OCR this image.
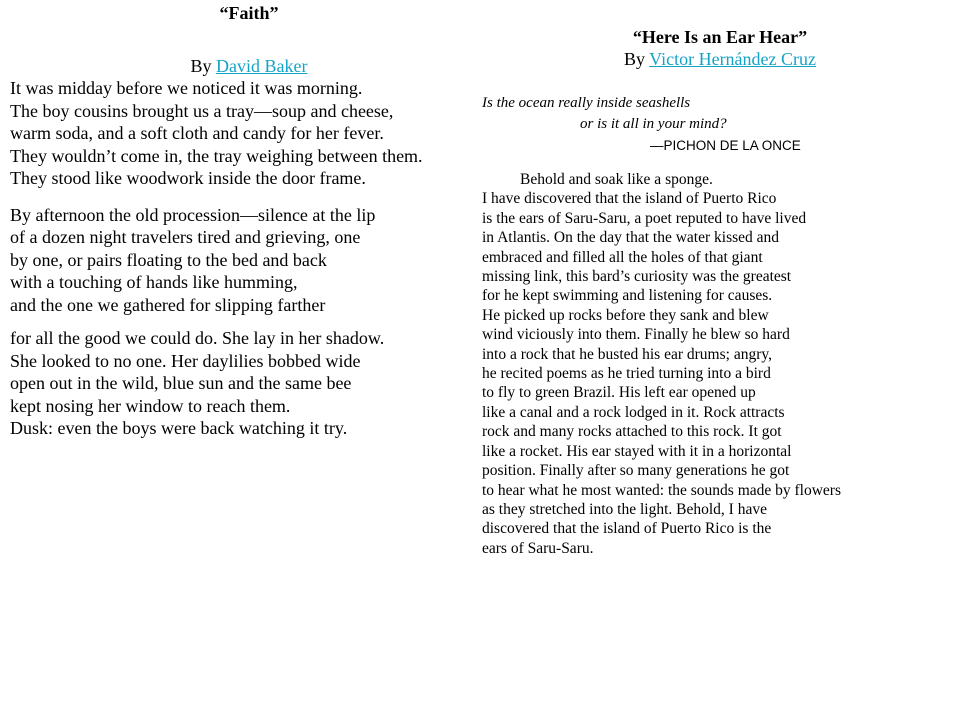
“Faith”
By David Baker
It was midday before we noticed it was morning.
The boy cousins brought us a tray—soup and cheese,
warm soda, and a soft cloth and candy for her fever.
They wouldn’t come in, the tray weighing between them.
They stood like woodwork inside the door frame.
By afternoon the old procession—silence at the lip
of a dozen night travelers tired and grieving, one
by one, or pairs floating to the bed and back
with a touching of hands like humming,
and the one we gathered for slipping farther
for all the good we could do. She lay in her shadow.
She looked to no one. Her daylilies bobbed wide
open out in the wild, blue sun and the same bee
kept nosing her window to reach them.
Dusk: even the boys were back watching it try.
“Here Is an Ear Hear”
By Victor Hernández Cruz
Is the ocean really inside seashells
or is it all in your mind?
—PICHON DE LA ONCE
Behold and soak like a sponge.
I have discovered that the island of Puerto Rico
is the ears of Saru-Saru, a poet reputed to have lived
in Atlantis. On the day that the water kissed and
embraced and filled all the holes of that giant
missing link, this bard’s curiosity was the greatest
for he kept swimming and listening for causes.
He picked up rocks before they sank and blew
wind viciously into them. Finally he blew so hard
into a rock that he busted his ear drums; angry,
he recited poems as he tried turning into a bird
to fly to green Brazil. His left ear opened up
like a canal and a rock lodged in it. Rock attracts
rock and many rocks attached to this rock. It got
like a rocket. His ear stayed with it in a horizontal
position. Finally after so many generations he got
to hear what he most wanted: the sounds made by flowers
as they stretched into the light. Behold, I have
discovered that the island of Puerto Rico is the
ears of Saru-Saru.
